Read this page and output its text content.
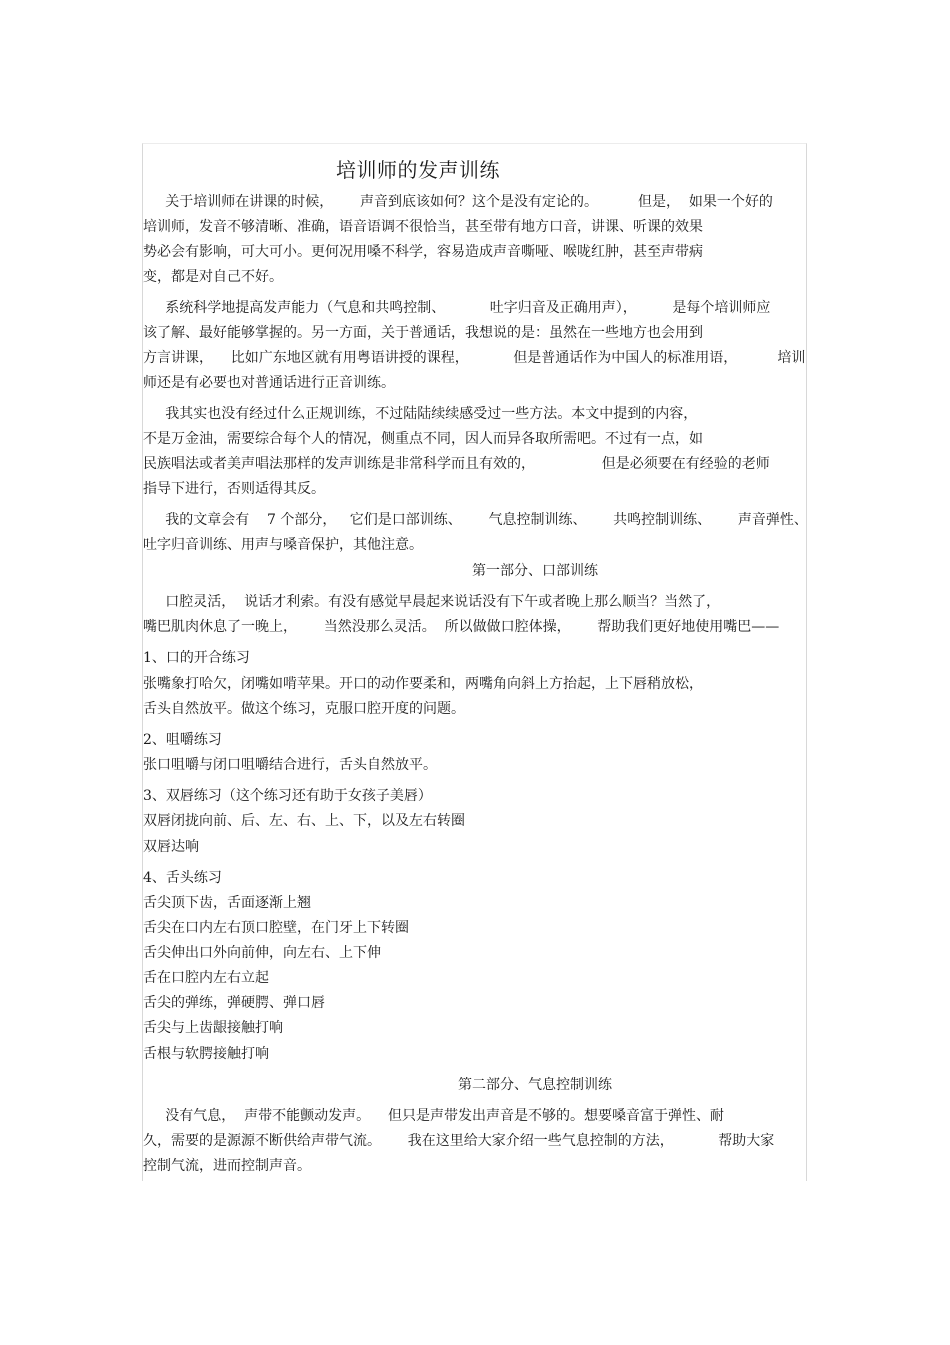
培训师的发声训练

关于培训师在讲课的时候，      声音到底该如何？这个是没有定论的。         但是，  如果一个好的

培训师，发音不够清晰、准确，语音语调不很恰当，甚至带有地方口音，讲课、听课的效果

势必会有影响，可大可小。更何况用嗓不科学，容易造成声音嘶哑、喉咙红肿，甚至声带病

变，都是对自己不好。

系统科学地提高发声能力（气息和共鸣控制、          吐字归音及正确用声），        是每个培训师应

该了解、最好能够掌握的。另一方面，关于普通话，我想说的是：虽然在一些地方也会用到

方言讲课，    比如广东地区就有用粤语讲授的课程，          但是普通话作为中国人的标准用语，         培训

师还是有必要也对普通话进行正音训练。

我其实也没有经过什么正规训练，不过陆陆续续感受过一些方法。本文中提到的内容，

不是万金油，需要综合每个人的情况，侧重点不同，因人而异各取所需吧。不过有一点，如

民族唱法或者美声唱法那样的发声训练是非常科学而且有效的，               但是必须要在有经验的老师

指导下进行，否则适得其反。

我的文章会有    7 个部分，   它们是口部训练、      气息控制训练、      共鸣控制训练、      声音弹性、

吐字归音训练、用声与嗓音保护，其他注意。

第一部分、口部训练

口腔灵活，  说话才利索。有没有感觉早晨起来说话没有下午或者晚上那么顺当？当然了，

嘴巴肌肉休息了一晚上，      当然没那么灵活。  所以做做口腔体操，      帮助我们更好地使用嘴巴——

1、口的开合练习

张嘴象打哈欠，闭嘴如啃苹果。开口的动作要柔和，两嘴角向斜上方抬起，上下唇稍放松，

舌头自然放平。做这个练习，克服口腔开度的问题。

2、咀嚼练习

张口咀嚼与闭口咀嚼结合进行，舌头自然放平。

3、双唇练习（这个练习还有助于女孩子美唇）

双唇闭拢向前、后、左、右、上、下，以及左右转圈

双唇达响

4、舌头练习

舌尖顶下齿，舌面逐渐上翘

舌尖在口内左右顶口腔壁，在门牙上下转圈

舌尖伸出口外向前伸，向左右、上下伸

舌在口腔内左右立起

舌尖的弹练，弹硬腭、弹口唇

舌尖与上齿龈接触打响

舌根与软腭接触打响

第二部分、气息控制训练

没有气息，  声带不能颤动发声。    但只是声带发出声音是不够的。想要嗓音富于弹性、耐

久，需要的是源源不断供给声带气流。      我在这里给大家介绍一些气息控制的方法，          帮助大家

控制气流，进而控制声音。
